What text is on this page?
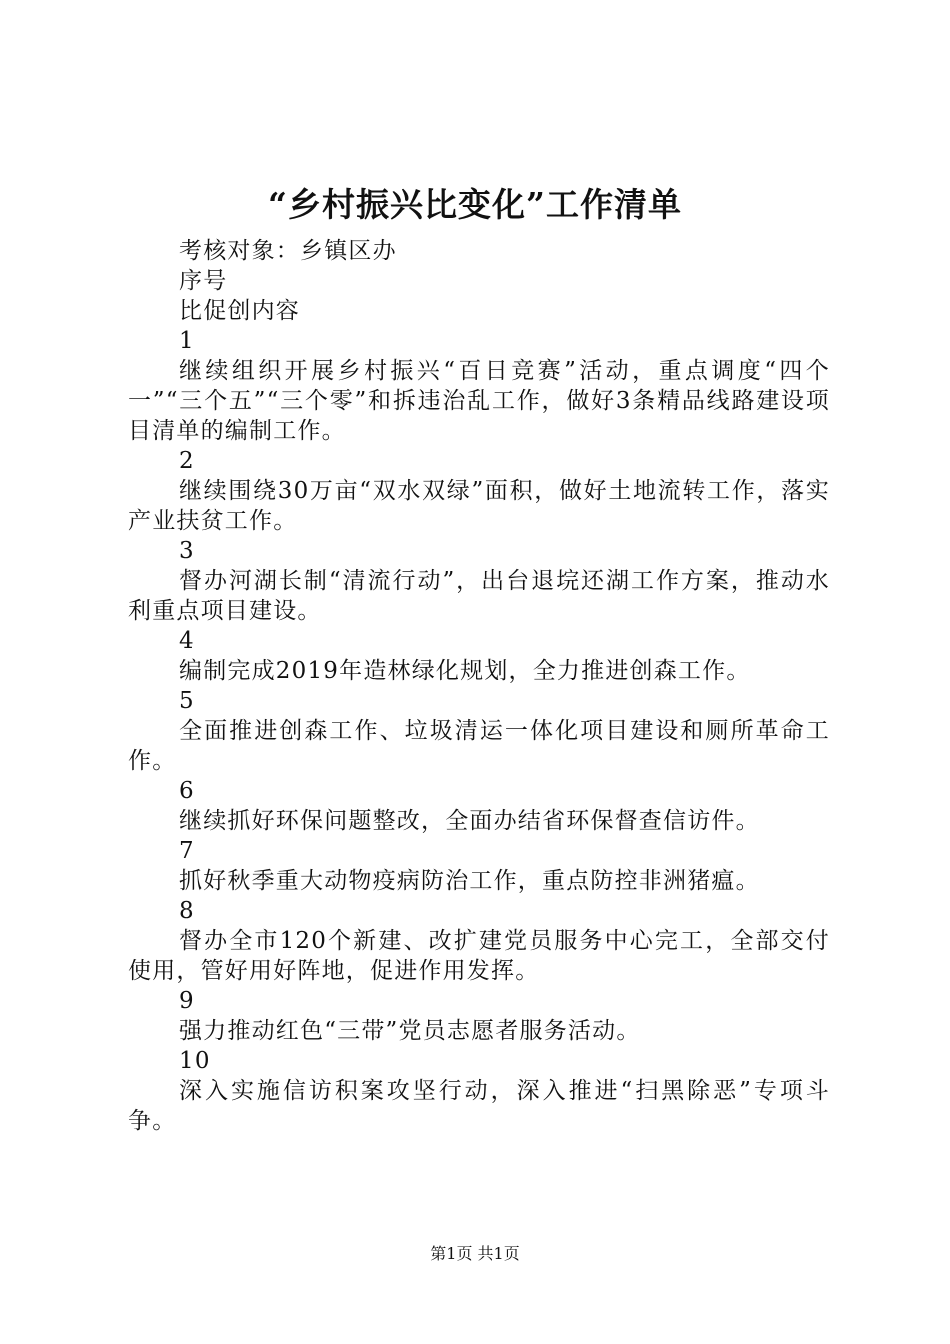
“乡村振兴比变化”工作清单

考核对象：乡镇区办

序号

比促创内容

1

继续组织开展乡村振兴“百日竞赛”活动，重点调度“四个一”“三个五”“三个零”和拆违治乱工作，做好3条精品线路建设项目清单的编制工作。

2

继续围绕30万亩“双水双绿”面积，做好土地流转工作，落实产业扶贫工作。

3

督办河湖长制“清流行动”，出台退垸还湖工作方案，推动水利重点项目建设。

4

编制完成2019年造林绿化规划，全力推进创森工作。

5

全面推进创森工作、垃圾清运一体化项目建设和厕所革命工作。

6

继续抓好环保问题整改，全面办结省环保督查信访件。

7

抓好秋季重大动物疫病防治工作，重点防控非洲猪瘟。

8

督办全市120个新建、改扩建党员服务中心完工，全部交付使用，管好用好阵地，促进作用发挥。

9

强力推动红色“三带”党员志愿者服务活动。

10

深入实施信访积案攻坚行动，深入推进“扫黑除恶”专项斗争。

第1页 共1页
